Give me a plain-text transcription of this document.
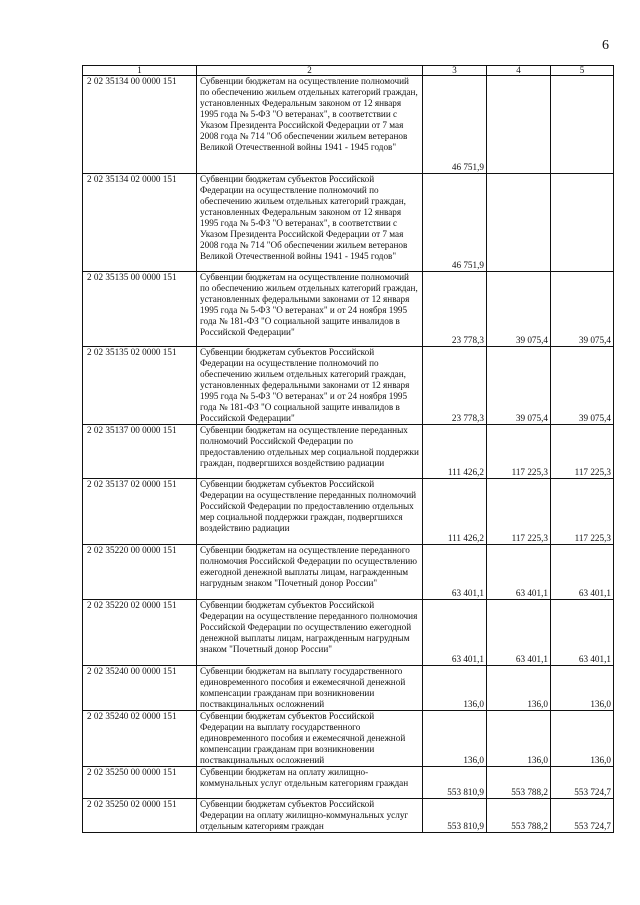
6
1	2	3	4	5
2 02 35134 00 0000 151	Субвенции бюджетам на осуществление полномочий по обеспечению жильем отдельных категорий граждан, установленных Федеральным законом от 12 января 1995 года № 5-ФЗ "О ветеранах", в соответствии с Указом Президента Российской Федерации от 7 мая 2008 года № 714 "Об обеспечении жильем ветеранов Великой Отечественной войны 1941 - 1945 годов"	46 751,9		
2 02 35134 02 0000 151	Субвенции бюджетам субъектов Российской Федерации на осуществление полномочий по обеспечению жильем отдельных категорий граждан, установленных Федеральным законом от 12 января 1995 года № 5-ФЗ "О ветеранах", в соответствии с Указом Президента Российской Федерации от 7 мая 2008 года № 714 "Об обеспечении жильем ветеранов Великой Отечественной войны 1941 - 1945 годов"	46 751,9		
2 02 35135 00 0000 151	Субвенции бюджетам на осуществление полномочий по обеспечению жильем отдельных категорий граждан, установленных федеральными законами от 12 января 1995 года № 5-ФЗ "О ветеранах" и от 24 ноября 1995 года № 181-ФЗ "О социальной защите инвалидов в Российской Федерации"	23 778,3	39 075,4	39 075,4
2 02 35135 02 0000 151	Субвенции бюджетам субъектов Российской Федерации на осуществление полномочий по обеспечению жильем отдельных категорий граждан, установленных федеральными законами от 12 января 1995 года № 5-ФЗ "О ветеранах" и от 24 ноября 1995 года № 181-ФЗ "О социальной защите инвалидов в Российской Федерации"	23 778,3	39 075,4	39 075,4
2 02 35137 00 0000 151	Субвенции бюджетам на осуществление переданных полномочий Российской Федерации по предоставлению отдельных мер социальной поддержки граждан, подвергшихся воздействию радиации	111 426,2	117 225,3	117 225,3
2 02 35137 02 0000 151	Субвенции бюджетам субъектов Российской Федерации на осуществление переданных полномочий Российской Федерации по предоставлению отдельных мер социальной поддержки граждан, подвергшихся воздействию радиации	111 426,2	117 225,3	117 225,3
2 02 35220 00 0000 151	Субвенции бюджетам на осуществление переданного полномочия Российской Федерации по осуществлению ежегодной денежной выплаты лицам, награжденным нагрудным знаком "Почетный донор России"	63 401,1	63 401,1	63 401,1
2 02 35220 02 0000 151	Субвенции бюджетам субъектов Российской Федерации на осуществление переданного полномочия Российской Федерации по осуществлению ежегодной денежной выплаты лицам, награжденным нагрудным знаком "Почетный донор России"	63 401,1	63 401,1	63 401,1
2 02 35240 00 0000 151	Субвенции бюджетам на выплату государственного единовременного пособия и ежемесячной денежной компенсации гражданам при возникновении поствакцинальных осложнений	136,0	136,0	136,0
2 02 35240 02 0000 151	Субвенции бюджетам субъектов Российской Федерации на выплату государственного единовременного пособия и ежемесячной денежной компенсации гражданам при возникновении поствакцинальных осложнений	136,0	136,0	136,0
2 02 35250 00 0000 151	Субвенции бюджетам на оплату жилищно-коммунальных услуг отдельным категориям граждан	553 810,9	553 788,2	553 724,7
2 02 35250 02 0000 151	Субвенции бюджетам субъектов Российской Федерации на оплату жилищно-коммунальных услуг отдельным категориям граждан	553 810,9	553 788,2	553 724,7
